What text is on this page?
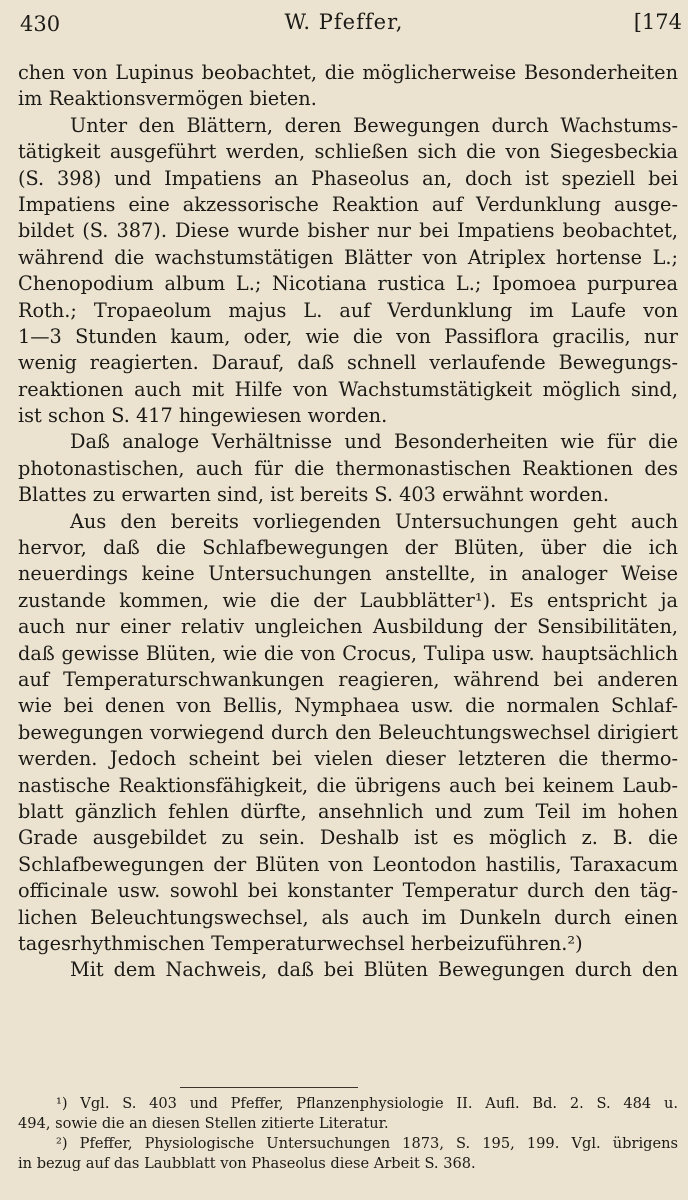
430	W. Pfeffer,	[174
chen von Lupinus beobachtet, die möglicherweise Besonderheiten
im Reaktionsvermögen bieten.
Unter den Blättern, deren Bewegungen durch Wachstums-
tätigkeit ausgeführt werden, schließen sich die von Siegesbeckia
(S. 398) und Impatiens an Phaseolus an, doch ist speziell bei
Impatiens eine akzessorische Reaktion auf Verdunklung ausge-
bildet (S. 387). Diese wurde bisher nur bei Impatiens beobachtet,
während die wachstumstätigen Blätter von Atriplex hortense L.;
Chenopodium album L.; Nicotiana rustica L.; Ipomoea purpurea
Roth.; Tropaeolum majus L. auf Verdunklung im Laufe von
1—3 Stunden kaum, oder, wie die von Passiflora gracilis, nur
wenig reagierten. Darauf, daß schnell verlaufende Bewegungs-
reaktionen auch mit Hilfe von Wachstumstätigkeit möglich sind,
ist schon S. 417 hingewiesen worden.
Daß analoge Verhältnisse und Besonderheiten wie für die
photonastischen, auch für die thermonastischen Reaktionen des
Blattes zu erwarten sind, ist bereits S. 403 erwähnt worden.
Aus den bereits vorliegenden Untersuchungen geht auch
hervor, daß die Schlafbewegungen der Blüten, über die ich
neuerdings keine Untersuchungen anstellte, in analoger Weise
zustande kommen, wie die der Laubblätter¹). Es entspricht ja
auch nur einer relativ ungleichen Ausbildung der Sensibilitäten,
daß gewisse Blüten, wie die von Crocus, Tulipa usw. hauptsächlich
auf Temperaturschwankungen reagieren, während bei anderen
wie bei denen von Bellis, Nymphaea usw. die normalen Schlaf-
bewegungen vorwiegend durch den Beleuchtungswechsel dirigiert
werden. Jedoch scheint bei vielen dieser letzteren die thermo-
nastische Reaktionsfähigkeit, die übrigens auch bei keinem Laub-
blatt gänzlich fehlen dürfte, ansehnlich und zum Teil im hohen
Grade ausgebildet zu sein. Deshalb ist es möglich z. B. die
Schlafbewegungen der Blüten von Leontodon hastilis, Taraxacum
officinale usw. sowohl bei konstanter Temperatur durch den täg-
lichen Beleuchtungswechsel, als auch im Dunkeln durch einen
tagesrhythmischen Temperaturwechsel herbeizuführen.²)
Mit dem Nachweis, daß bei Blüten Bewegungen durch den
¹) Vgl. S. 403 und Pfeffer, Pflanzenphysiologie II. Aufl. Bd. 2. S. 484 u.
494, sowie die an diesen Stellen zitierte Literatur.
²) Pfeffer, Physiologische Untersuchungen 1873, S. 195, 199. Vgl. übrigens
in bezug auf das Laubblatt von Phaseolus diese Arbeit S. 368.
